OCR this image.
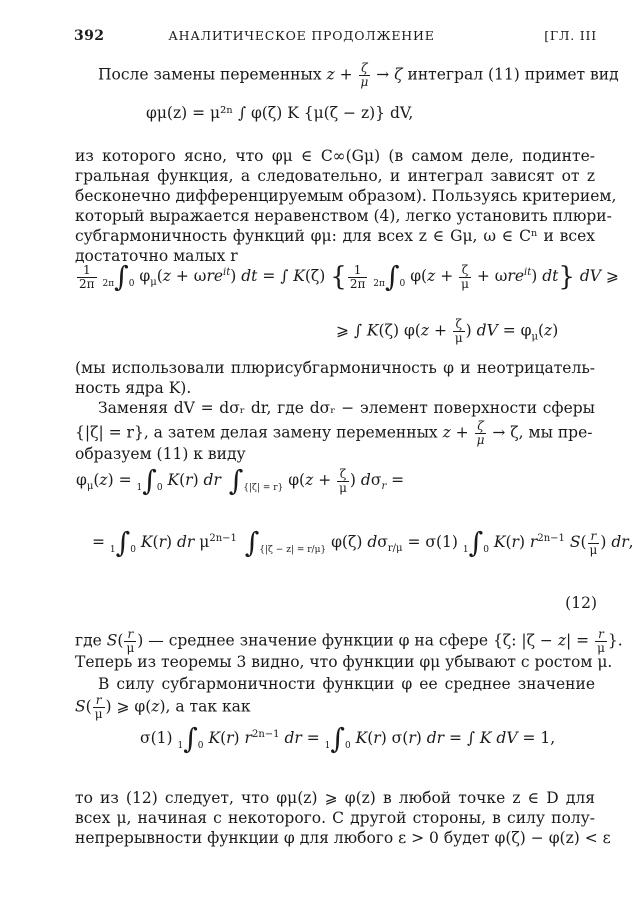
392	АНАЛИТИЧЕСКОЕ ПРОДОЛЖЕНИЕ	[ГЛ. III
После замены переменных $z + \frac{\zeta}{\mu} \to \zeta$ интеграл (11) примет вид
φμ(z) = μ²ⁿ ∫ φ(ζ) K {μ(ζ − z)} dV,
из которого ясно, что φμ ∈ C∞(Gμ) (в самом деле, подинте-
гральная функция, а следовательно, и интеграл зависят от z
бесконечно дифференцируемым образом). Пользуясь критерием,
который выражается неравенством (4), легко установить плюри-
субгармоничность функций φμ: для всех z ∈ Gμ, ω ∈ Cⁿ и всех
достаточно малых r
$\frac{1}{2\pi} 2\pi\int 0$ $\varphi_\mu(z + \omega re^{it})$ dt = ∫ K(ζ) { $\frac{1}{2\pi} 2\pi\int 0$ $\varphi(z + \frac{\zeta}{\mu} + \omega re^{it})$ dt} dV ⩾
⩾ ∫ K(ζ) $\varphi(z + \frac{\zeta}{\mu}$ ) dV = $\varphi_\mu(z)$
(мы использовали плюрисубгармоничность φ и неотрицатель-
ность ядра K).
Заменяя dV = dσᵣ dr, где dσᵣ − элемент поверхности сферы
{|ζ| = r}, а затем делая замену переменных $z + \frac{\zeta}{\mu} \to \zeta$, мы пре-
образуем (11) к виду
$\varphi_\mu(z) = 1\int 0$ K(r) dr ∫{|ζ| = r} $\varphi(z + \frac{\zeta}{\mu}$ ) $d\sigma_r$ =
= 1∫0 K(r) dr $\mu^{2n-1}$ ∫{|ζ − z| = r/μ} φ(ζ) $d\sigma_{r/\mu} = \sigma(1)$ 1∫0 K(r) $r^{2n-1}$ $S( \frac{r}{\mu}$ ) dr,
(12)
где $S( \frac{r}{\mu}$ ) — среднее значение функции φ на сфере {ζ: $|\zeta - z| = \frac{r}{\mu}$ }.
Теперь из теоремы 3 видно, что функции φμ убывают с ростом μ.
В силу субгармоничности функции φ ее среднее значение
$S( \frac{r}{\mu}$ ) ⩾ φ(z), а так как
σ(1) 1∫0 K(r) $r^{2n-1}$ dr = 1∫0 K(r) σ(r) dr = ∫ K dV = 1,
то из (12) следует, что φμ(z) ⩾ φ(z) в любой точке z ∈ D для
всех μ, начиная с некоторого. С другой стороны, в силу полу-
непрерывности функции φ для любого ε > 0 будет φ(ζ) − φ(z) < ε
